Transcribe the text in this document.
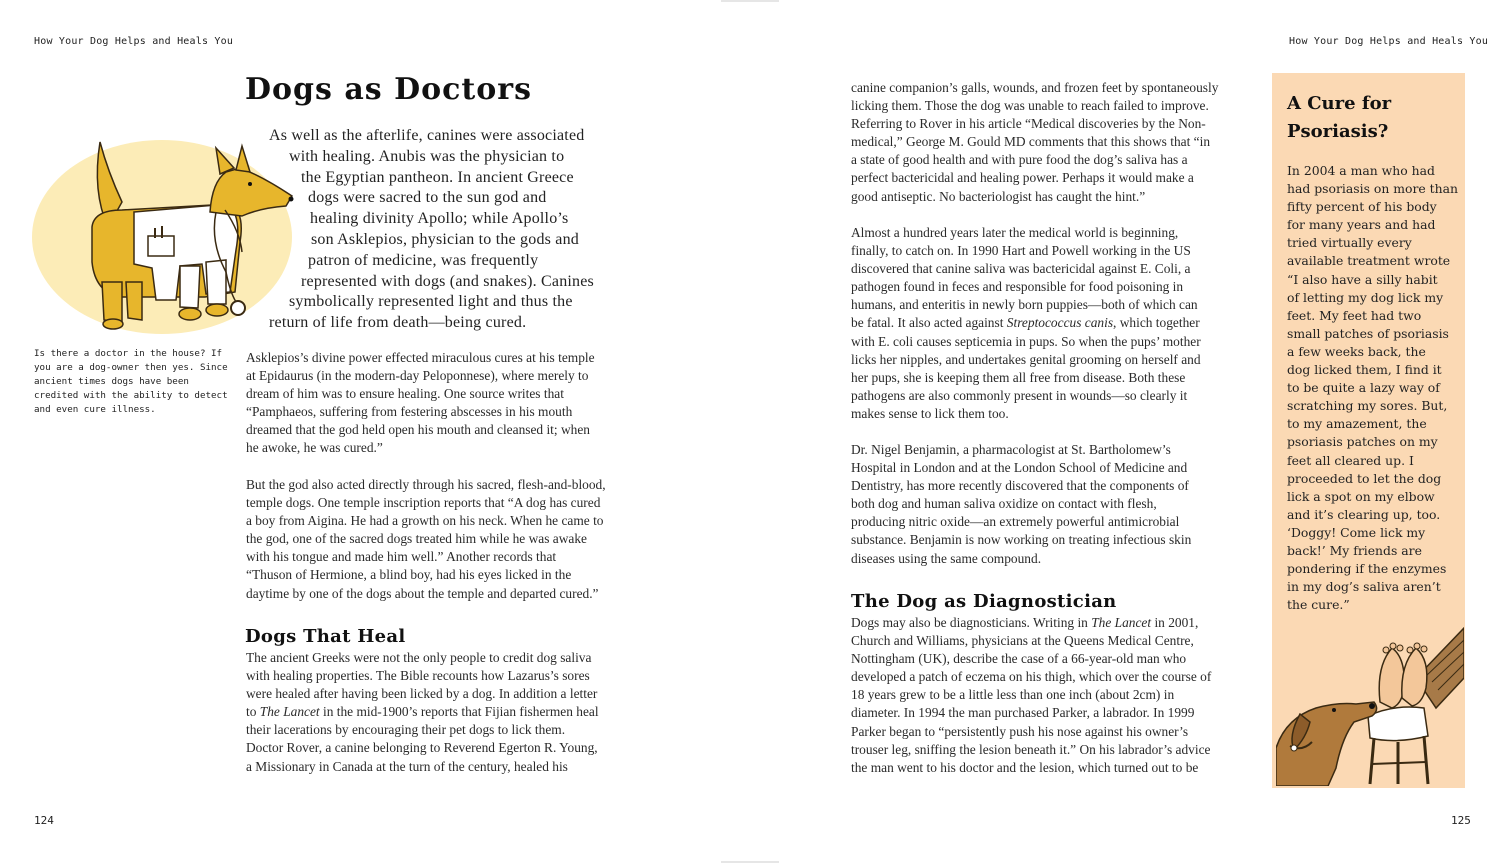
How Your Dog Helps and Heals You	How Your Dog Helps and Heals You
Dogs as Doctors
As well as the afterlife, canines were associated
with healing. Anubis was the physician to
the Egyptian pantheon. In ancient Greece
dogs were sacred to the sun god and
healing divinity Apollo; while Apollo’s
son Asklepios, physician to the gods and
patron of medicine, was frequently
represented with dogs (and snakes). Canines
symbolically represented light and thus the
return of life from death—being cured.
Is there a doctor in the house? If
you are a dog-owner then yes. Since
ancient times dogs have been
credited with the ability to detect
and even cure illness.
Asklepios’s divine power effected miraculous cures at his temple
at Epidaurus (in the modern-day Peloponnese), where merely to
dream of him was to ensure healing. One source writes that
“Pamphaeos, suffering from festering abscesses in his mouth
dreamed that the god held open his mouth and cleansed it; when
he awoke, he was cured.”
But the god also acted directly through his sacred, flesh-and-blood,
temple dogs. One temple inscription reports that “A dog has cured
a boy from Aigina. He had a growth on his neck. When he came to
the god, one of the sacred dogs treated him while he was awake
with his tongue and made him well.” Another records that
“Thuson of Hermione, a blind boy, had his eyes licked in the
daytime by one of the dogs about the temple and departed cured.”
Dogs That Heal
The ancient Greeks were not the only people to credit dog saliva
with healing properties. The Bible recounts how Lazarus’s sores
were healed after having been licked by a dog. In addition a letter
to The Lancet in the mid-1900’s reports that Fijian fishermen heal
their lacerations by encouraging their pet dogs to lick them.
Doctor Rover, a canine belonging to Reverend Egerton R. Young,
a Missionary in Canada at the turn of the century, healed his
124
canine companion’s galls, wounds, and frozen feet by spontaneously
licking them. Those the dog was unable to reach failed to improve.
Referring to Rover in his article “Medical discoveries by the Non-
medical,” George M. Gould MD comments that this shows that “in
a state of good health and with pure food the dog’s saliva has a
perfect bactericidal and healing power. Perhaps it would make a
good antiseptic. No bacteriologist has caught the hint.”
Almost a hundred years later the medical world is beginning,
finally, to catch on. In 1990 Hart and Powell working in the US
discovered that canine saliva was bactericidal against E. Coli, a
pathogen found in feces and responsible for food poisoning in
humans, and enteritis in newly born puppies—both of which can
be fatal. It also acted against Streptococcus canis, which together
with E. coli causes septicemia in pups. So when the pups’ mother
licks her nipples, and undertakes genital grooming on herself and
her pups, she is keeping them all free from disease. Both these
pathogens are also commonly present in wounds—so clearly it
makes sense to lick them too.
Dr. Nigel Benjamin, a pharmacologist at St. Bartholomew’s
Hospital in London and at the London School of Medicine and
Dentistry, has more recently discovered that the components of
both dog and human saliva oxidize on contact with flesh,
producing nitric oxide—an extremely powerful antimicrobial
substance. Benjamin is now working on treating infectious skin
diseases using the same compound.
The Dog as Diagnostician
Dogs may also be diagnosticians. Writing in The Lancet in 2001,
Church and Williams, physicians at the Queens Medical Centre,
Nottingham (UK), describe the case of a 66-year-old man who
developed a patch of eczema on his thigh, which over the course of
18 years grew to be a little less than one inch (about 2cm) in
diameter. In 1994 the man purchased Parker, a labrador. In 1999
Parker began to “persistently push his nose against his owner’s
trouser leg, sniffing the lesion beneath it.” On his labrador’s advice
the man went to his doctor and the lesion, which turned out to be
A Cure for
Psoriasis?
In 2004 a man who had
had psoriasis on more than
fifty percent of his body
for many years and had
tried virtually every
available treatment wrote
“I also have a silly habit
of letting my dog lick my
feet. My feet had two
small patches of psoriasis
a few weeks back, the
dog licked them, I find it
to be quite a lazy way of
scratching my sores. But,
to my amazement, the
psoriasis patches on my
feet all cleared up. I
proceeded to let the dog
lick a spot on my elbow
and it’s clearing up, too.
‘Doggy! Come lick my
back!’ My friends are
pondering if the enzymes
in my dog’s saliva aren’t
the cure.”
125
